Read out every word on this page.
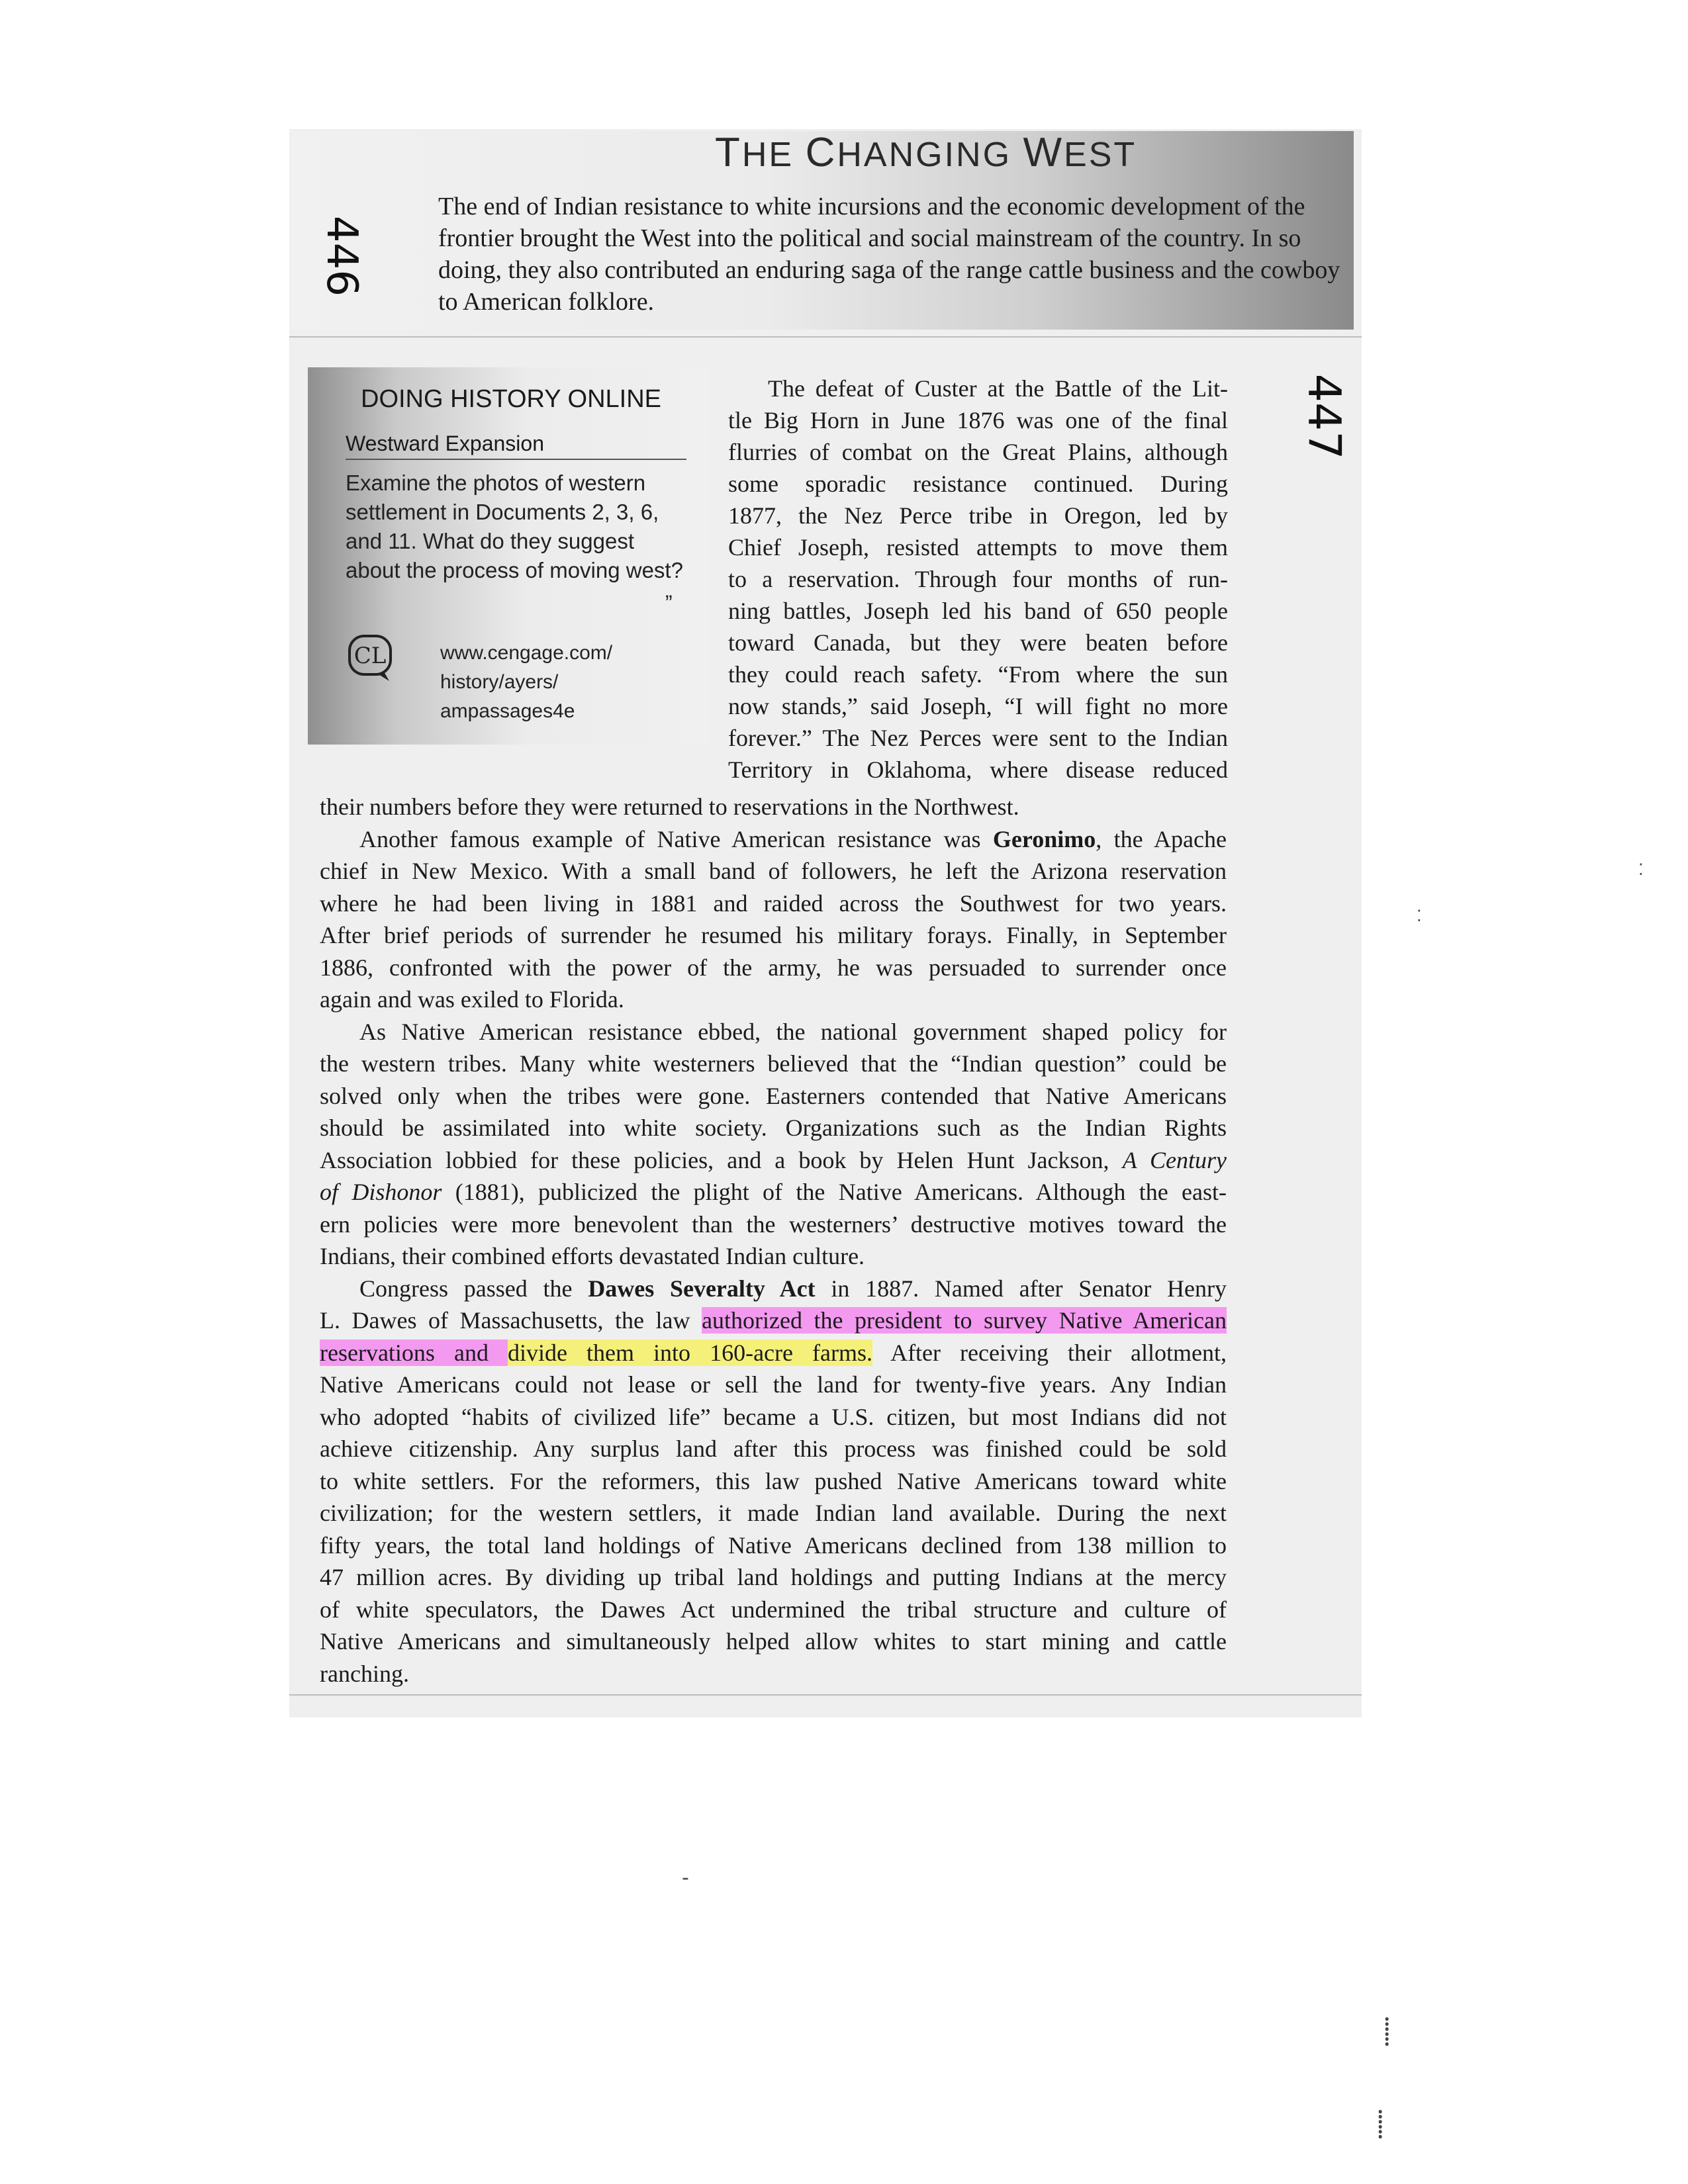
THE CHANGING WEST
The end of Indian resistance to white incursions and the economic development of the frontier brought the West into the political and social mainstream of the country. In so doing, they also contributed an enduring saga of the range cattle business and the cowboy to American folklore.
446
447
DOING HISTORY ONLINE
Westward Expansion
Examine the photos of western settlement in Documents 2, 3, 6, and 11. What do they suggest about the process of moving west?
”
CL	www.cengage.com/
history/ayers/
ampassages4e
The defeat of Custer at the Battle of the Lit-
tle Big Horn in June 1876 was one of the final
flurries of combat on the Great Plains, although
some sporadic resistance continued. During
1877, the Nez Perce tribe in Oregon, led by
Chief Joseph, resisted attempts to move them
to a reservation. Through four months of run-
ning battles, Joseph led his band of 650 people
toward Canada, but they were beaten before
they could reach safety. “From where the sun
now stands,” said Joseph, “I will fight no more
forever.” The Nez Perces were sent to the Indian
Territory in Oklahoma, where disease reduced
their numbers before they were returned to reservations in the Northwest.
Another famous example of Native American resistance was Geronimo, the Apache
chief in New Mexico. With a small band of followers, he left the Arizona reservation
where he had been living in 1881 and raided across the Southwest for two years.
After brief periods of surrender he resumed his military forays. Finally, in September
1886, confronted with the power of the army, he was persuaded to surrender once
again and was exiled to Florida.
As Native American resistance ebbed, the national government shaped policy for
the western tribes. Many white westerners believed that the “Indian question” could be
solved only when the tribes were gone. Easterners contended that Native Americans
should be assimilated into white society. Organizations such as the Indian Rights
Association lobbied for these policies, and a book by Helen Hunt Jackson, A Century
of Dishonor (1881), publicized the plight of the Native Americans. Although the east-
ern policies were more benevolent than the westerners’ destructive motives toward the
Indians, their combined efforts devastated Indian culture.
Congress passed the Dawes Severalty Act in 1887. Named after Senator Henry
L. Dawes of Massachusetts, the law authorized the president to survey Native American
reservations and divide them into 160-acre farms. After receiving their allotment,
Native Americans could not lease or sell the land for twenty-five years. Any Indian
who adopted “habits of civilized life” became a U.S. citizen, but most Indians did not
achieve citizenship. Any surplus land after this process was finished could be sold
to white settlers. For the reformers, this law pushed Native Americans toward white
civilization; for the western settlers, it made Indian land available. During the next
fifty years, the total land holdings of Native Americans declined from 138 million to
47 million acres. By dividing up tribal land holdings and putting Indians at the mercy
of white speculators, the Dawes Act undermined the tribal structure and culture of
Native Americans and simultaneously helped allow whites to start mining and cattle
ranching.
⁚
⁚
‐
⸽
⸽
